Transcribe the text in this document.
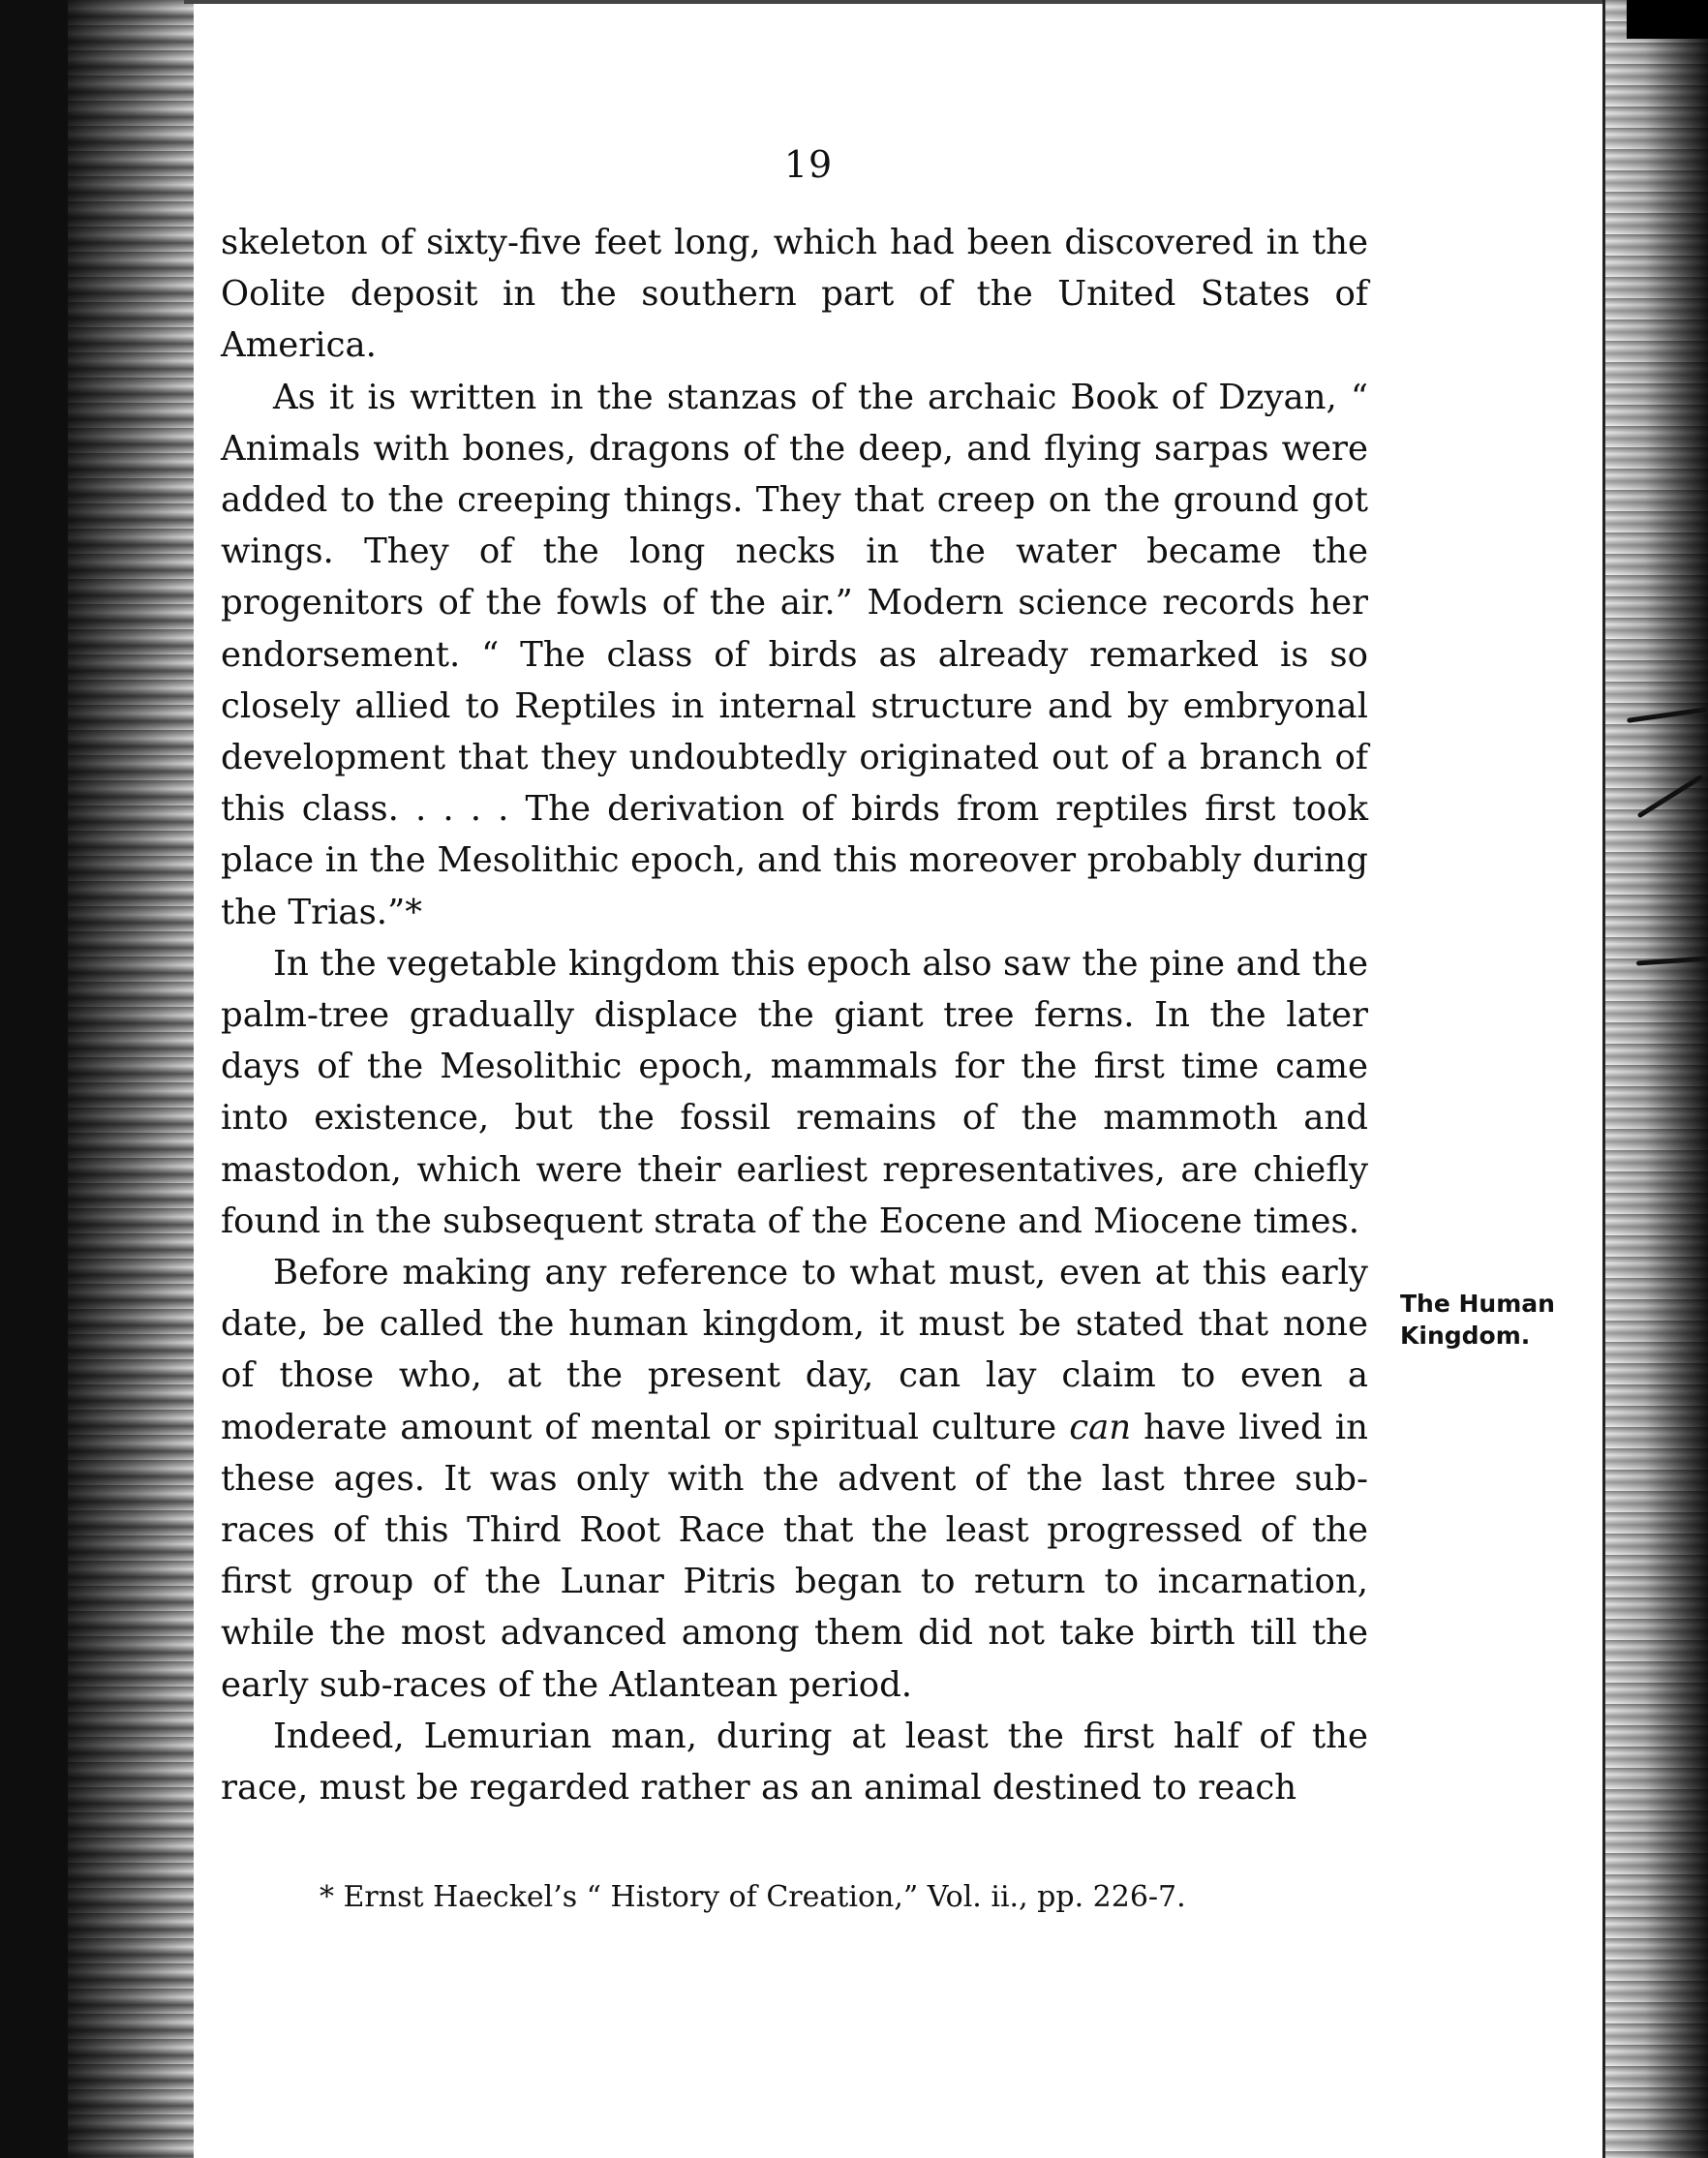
19

skeleton of sixty-five feet long, which had been discovered in the Oolite deposit in the southern part of the United States of America.

As it is written in the stanzas of the archaic Book of Dzyan, “ Animals with bones, dragons of the deep, and flying sarpas were added to the creeping things. They that creep on the ground got wings. They of the long necks in the water became the progenitors of the fowls of the air.” Modern science records her endorsement. “ The class of birds as already remarked is so closely allied to Reptiles in internal structure and by embryonal development that they undoubtedly originated out of a branch of this class. . . . . The derivation of birds from reptiles first took place in the Mesolithic epoch, and this moreover probably during the Trias.”*

In the vegetable kingdom this epoch also saw the pine and the palm-tree gradually displace the giant tree ferns. In the later days of the Mesolithic epoch, mammals for the first time came into existence, but the fossil remains of the mammoth and mastodon, which were their earliest representatives, are chiefly found in the subsequent strata of the Eocene and Miocene times.

Before making any reference to what must, even at this early date, be called the human kingdom, it must be stated that none of those who, at the present day, can lay claim to even a moderate amount of mental or spiritual culture can have lived in these ages. It was only with the advent of the last three sub-races of this Third Root Race that the least progressed of the first group of the Lunar Pitris began to return to incarnation, while the most advanced among them did not take birth till the early sub-races of the Atlantean period.

Indeed, Lemurian man, during at least the first half of the race, must be regarded rather as an animal destined to reach

The Human
Kingdom.
* Ernst Haeckel’s “ History of Creation,” Vol. ii., pp. 226-7.
